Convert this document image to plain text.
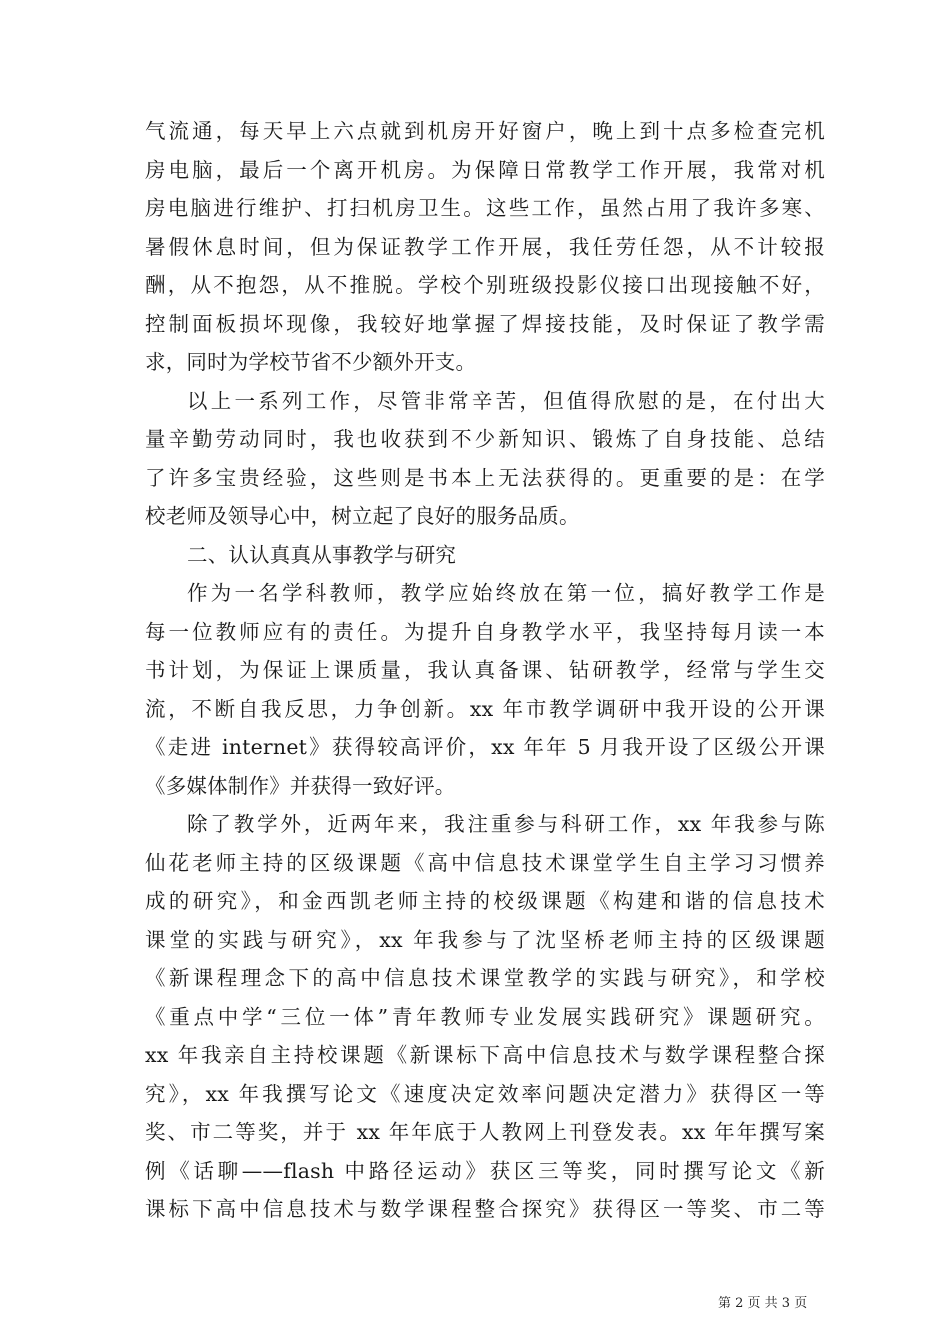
气流通，每天早上六点就到机房开好窗户，晚上到十点多检查完机
房电脑，最后一个离开机房。为保障日常教学工作开展，我常对机
房电脑进行维护、打扫机房卫生。这些工作，虽然占用了我许多寒、
暑假休息时间，但为保证教学工作开展，我任劳任怨，从不计较报
酬，从不抱怨，从不推脱。学校个别班级投影仪接口出现接触不好，
控制面板损坏现像，我较好地掌握了焊接技能，及时保证了教学需
求，同时为学校节省不少额外开支。
以上一系列工作，尽管非常辛苦，但值得欣慰的是，在付出大
量辛勤劳动同时，我也收获到不少新知识、锻炼了自身技能、总结
了许多宝贵经验，这些则是书本上无法获得的。更重要的是：在学
校老师及领导心中，树立起了良好的服务品质。
二、认认真真从事教学与研究
作为一名学科教师，教学应始终放在第一位，搞好教学工作是
每一位教师应有的责任。为提升自身教学水平，我坚持每月读一本
书计划，为保证上课质量，我认真备课、钻研教学，经常与学生交
流，不断自我反思，力争创新。xx 年市教学调研中我开设的公开课
《走进 internet》获得较高评价，xx 年年 5 月我开设了区级公开课
《多媒体制作》并获得一致好评。
除了教学外，近两年来，我注重参与科研工作，xx 年我参与陈
仙花老师主持的区级课题《高中信息技术课堂学生自主学习习惯养
成的研究》，和金西凯老师主持的校级课题《构建和谐的信息技术
课堂的实践与研究》，xx 年我参与了沈坚桥老师主持的区级课题
《新课程理念下的高中信息技术课堂教学的实践与研究》，和学校
《重点中学“三位一体”青年教师专业发展实践研究》课题研究。
xx 年我亲自主持校课题《新课标下高中信息技术与数学课程整合探
究》，xx 年我撰写论文《速度决定效率问题决定潜力》获得区一等
奖、市二等奖，并于 xx 年年底于人教网上刊登发表。xx 年年撰写案
例《话聊——flash 中路径运动》获区三等奖，同时撰写论文《新
课标下高中信息技术与数学课程整合探究》获得区一等奖、市二等
第 2 页 共 3 页
